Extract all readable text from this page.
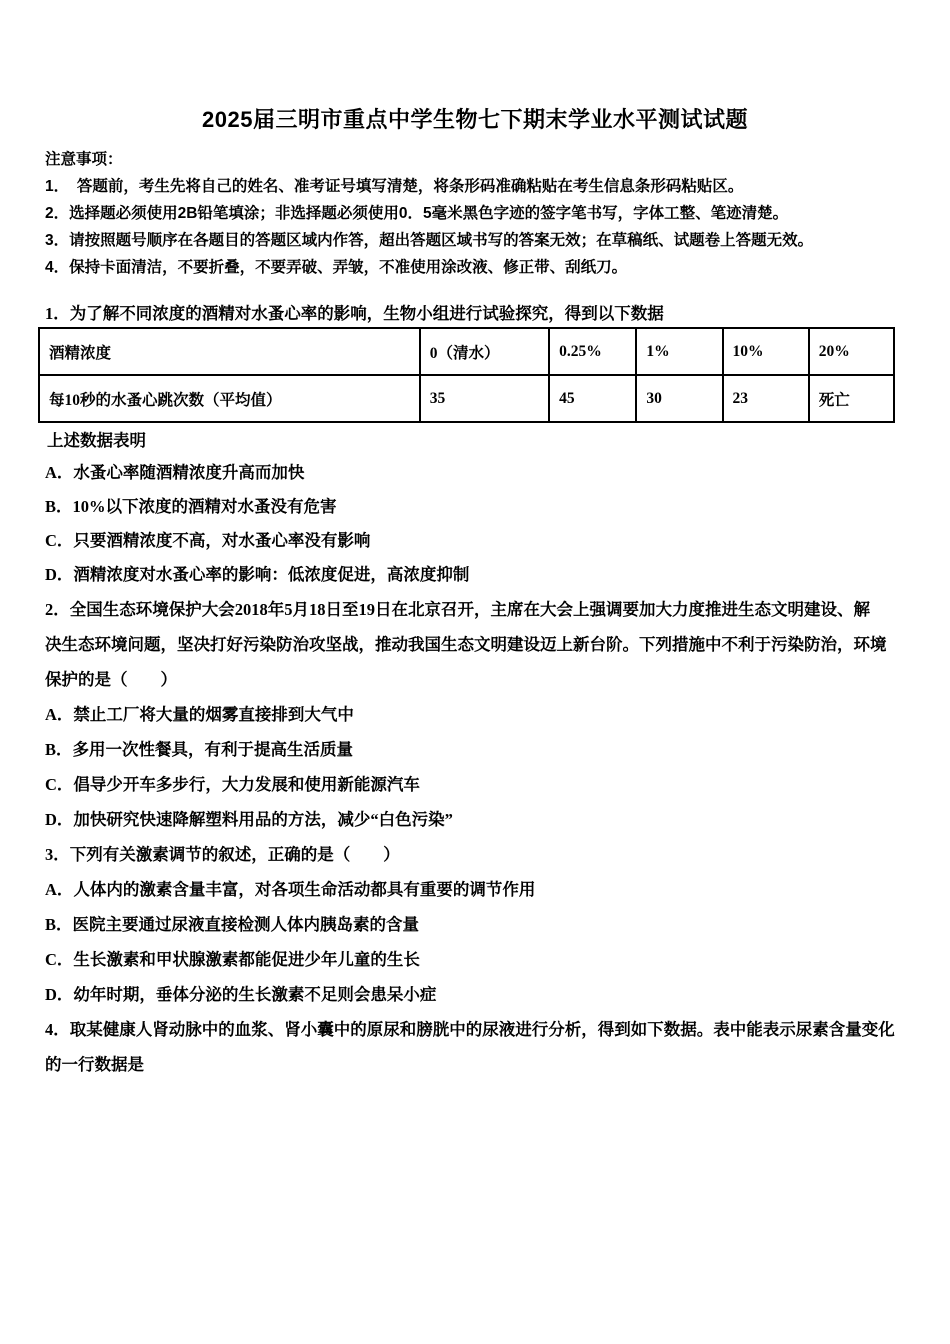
2025届三明市重点中学生物七下期末学业水平测试试题
注意事项：
1．　答题前，考生先将自己的姓名、准考证号填写清楚，将条形码准确粘贴在考生信息条形码粘贴区。
2．选择题必须使用2B铅笔填涂；非选择题必须使用0．5毫米黑色字迹的签字笔书写，字体工整、笔迹清楚。
3．请按照题号顺序在各题目的答题区域内作答，超出答题区域书写的答案无效；在草稿纸、试题卷上答题无效。
4．保持卡面清洁，不要折叠，不要弄破、弄皱，不准使用涂改液、修正带、刮纸刀。
1．为了解不同浓度的酒精对水蚤心率的影响，生物小组进行试验探究，得到以下数据
酒精浓度	0（清水）	0.25%	1%	10%	20%
每10秒的水蚤心跳次数（平均值）	35	45	30	23	死亡
上述数据表明
A．水蚤心率随酒精浓度升高而加快
B．10%以下浓度的酒精对水蚤没有危害
C．只要酒精浓度不高，对水蚤心率没有影响
D．酒精浓度对水蚤心率的影响：低浓度促进，高浓度抑制
2．全国生态环境保护大会2018年5月18日至19日在北京召开，主席在大会上强调要加大力度推进生态文明建设、解
决生态环境问题，坚决打好污染防治攻坚战，推动我国生态文明建设迈上新台阶。下列措施中不利于污染防治，环境
保护的是（　　）
A．禁止工厂将大量的烟雾直接排到大气中
B．多用一次性餐具，有利于提高生活质量
C．倡导少开车多步行，大力发展和使用新能源汽车
D．加快研究快速降解塑料用品的方法，减少“白色污染”
3．下列有关激素调节的叙述，正确的是（　　）
A．人体内的激素含量丰富，对各项生命活动都具有重要的调节作用
B．医院主要通过尿液直接检测人体内胰岛素的含量
C．生长激素和甲状腺激素都能促进少年儿童的生长
D．幼年时期，垂体分泌的生长激素不足则会患呆小症
4．取某健康人肾动脉中的血浆、肾小囊中的原尿和膀胱中的尿液进行分析，得到如下数据。表中能表示尿素含量变化
的一行数据是
